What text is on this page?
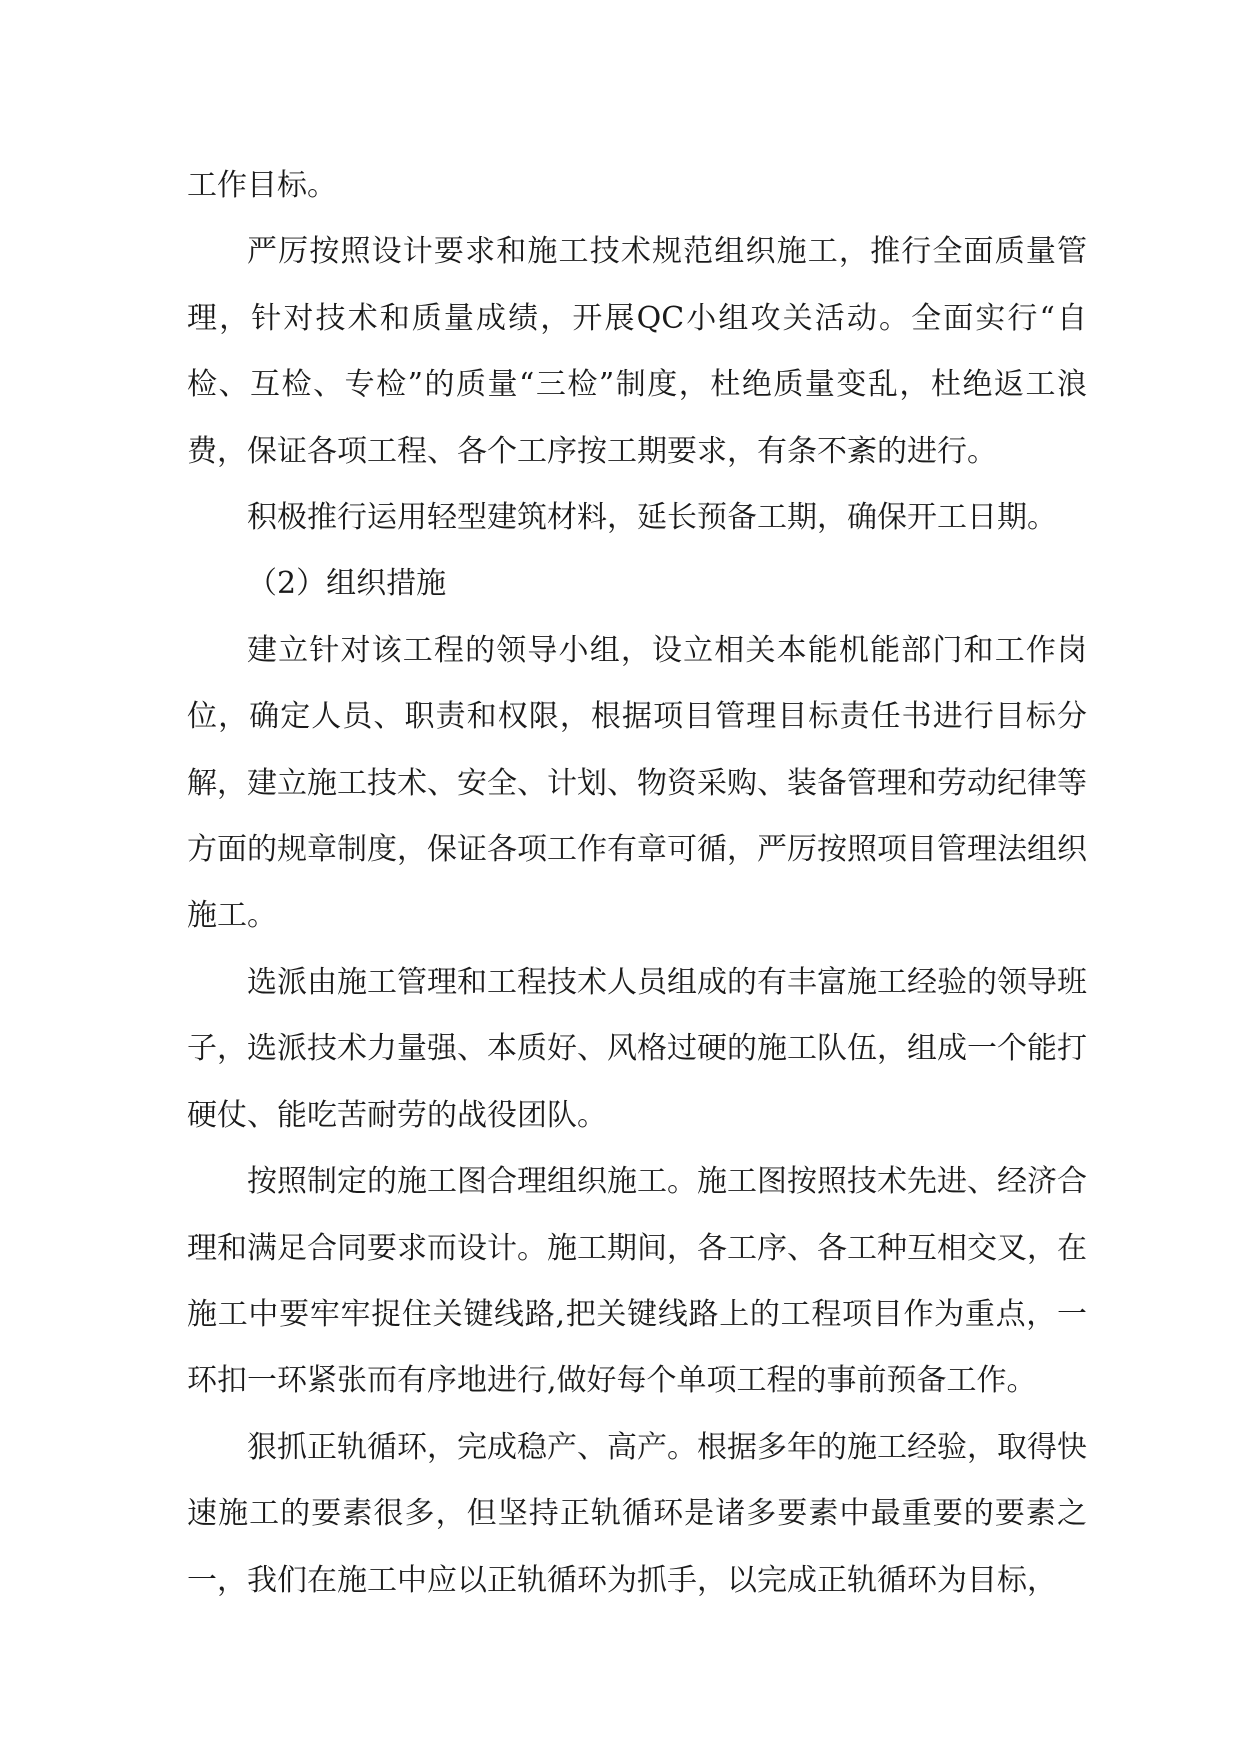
工作目标。

严厉按照设计要求和施工技术规范组织施工，推行全面质量管理，针对技术和质量成绩，开展QC小组攻关活动。全面实行“自检、互检、专检”的质量“三检”制度，杜绝质量变乱，杜绝返工浪费，保证各项工程、各个工序按工期要求，有条不紊的进行。

积极推行运用轻型建筑材料，延长预备工期，确保开工日期。

（2）组织措施

建立针对该工程的领导小组，设立相关本能机能部门和工作岗位，确定人员、职责和权限，根据项目管理目标责任书进行目标分解，建立施工技术、安全、计划、物资采购、装备管理和劳动纪律等方面的规章制度，保证各项工作有章可循，严厉按照项目管理法组织施工。

选派由施工管理和工程技术人员组成的有丰富施工经验的领导班子，选派技术力量强、本质好、风格过硬的施工队伍，组成一个能打硬仗、能吃苦耐劳的战役团队。

按照制定的施工图合理组织施工。施工图按照技术先进、经济合理和满足合同要求而设计。施工期间，各工序、各工种互相交叉，在施工中要牢牢捉住关键线路,把关键线路上的工程项目作为重点，一环扣一环紧张而有序地进行,做好每个单项工程的事前预备工作。

狠抓正轨循环，完成稳产、高产。根据多年的施工经验，取得快速施工的要素很多，但坚持正轨循环是诸多要素中最重要的要素之一，我们在施工中应以正轨循环为抓手，以完成正轨循环为目标，
